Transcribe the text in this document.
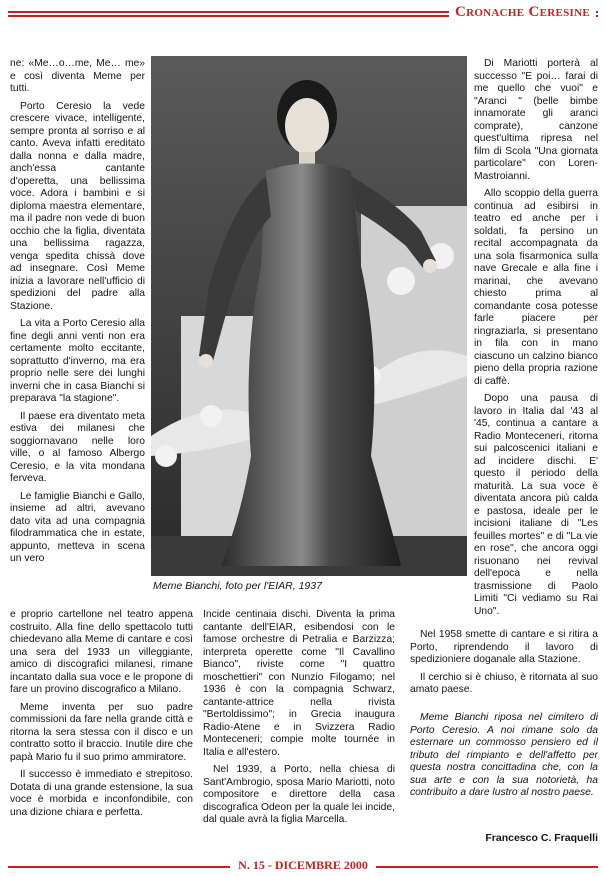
Cronache Ceresine

ne: «Me…o…me, Me… me» e così diventa Meme per tutti.

Porto Ceresio la vede crescere vivace, intelligente, sempre pronta al sorriso e al canto. Aveva infatti ereditato dalla nonna e dalla madre, anch'essa cantante d'operetta, una bellissima voce. Adora i bambini e si diploma maestra elementare, ma il padre non vede di buon occhio che la figlia, diventata una bellissima ragazza, venga spedita chissà dove ad insegnare. Così Meme inizia a lavorare nell'ufficio di spedizioni del padre alla Stazione.

La vita a Porto Ceresio alla fine degli anni venti non era certamente molto eccitante, soprattutto d'inverno, ma era proprio nelle sere dei lunghi inverni che in casa Bianchi si preparava "la stagione".

Il paese era diventato meta estiva dei milanesi che soggiornavano nelle loro ville, o al famoso Albergo Ceresio, e la vita mondana ferveva.

Le famiglie Bianchi e Gallo, insieme ad altri, avevano dato vita ad una compagnia filodrammatica che in estate, appunto, metteva in scena un vero

Meme Bianchi, foto per l'EIAR, 1937

Di Mariotti porterà al successo "E poi… farai di me quello che vuoi" e "Aranci " (belle bimbe innamorate gli aranci comprate), canzone quest'ultima ripresa nel film di Scola "Una giornata particolare" con Loren-Mastroianni.

Allo scoppio della guerra continua ad esibirsi in teatro ed anche per i soldati, fa persino un recital accompagnata da una sola fisarmonica sulla nave Grecale e alla fine i marinai, che avevano chiesto prima al comandante cosa potesse farle piacere per ringraziarla, si presentano in fila con in mano ciascuno un calzino bianco pieno della propria razione di caffè.

Dopo una pausa di lavoro in Italia dal '43 al '45, continua a cantare a Radio Monteceneri, ritorna sui palcoscenici italiani e ad incidere dischi. E' questo il periodo della maturità. La sua voce è diventata ancora più calda e pastosa, ideale per le incisioni italiane di "Les feuilles mortes" e di "La vie en rose", che ancora oggi risuonano nei revival dell'epoca e nella trasmissione di Paolo Limiti "Ci vediamo su Rai Uno".

e proprio cartellone nel teatro appena costruito. Alla fine dello spettacolo tutti chiedevano alla Meme di cantare e così una sera del 1933 un villeggiante, amico di discografici milanesi, rimane incantato dalla sua voce e le propone di fare un provino discografico a Milano.

Meme inventa per suo padre commissioni da fare nella grande città e ritorna la sera stessa con il disco e un contratto sotto il braccio. Inutile dire che papà Mario fu il suo primo ammiratore.

Il successo è immediato e strepitoso. Dotata di una grande estensione, la sua voce è morbida e inconfondibile, con una dizione chiara e perfetta.

Incide centinaia dischi. Diventa la prima cantante dell'EIAR, esibendosi con le famose orchestre di Petralia e Barzizza; interpreta operette come "Il Cavallino Bianco", riviste come "I quattro moschettieri" con Nunzio Filogamo; nel 1936 è con la compagnia Schwarz, cantante-attrice nella rivista "Bertoldissimo"; in Grecia inaugura Radio-Atene e in Svizzera Radio Monteceneri; compie molte tournée in Italia e all'estero.

Nel 1939, a Porto, nella chiesa di Sant'Ambrogio, sposa Mario Mariotti, noto compositore e direttore della casa discografica Odeon per la quale lei incide, dal quale avrà la figlia Marcella.

Nel 1958 smette di cantare e si ritira a Porto, riprendendo il lavoro di spedizioniere doganale alla Stazione.

Il cerchio si è chiuso, è ritornata al suo amato paese.

Meme Bianchi riposa nel cimitero di Porto Ceresio. A noi rimane solo da esternare un commosso pensiero ed il tributo del rimpianto e dell'affetto per questa nostra concittadina che, con la sua arte e con la sua notorietà, ha contribuito a dare lustro al nostro paese.

Francesco C. Fraquelli
N. 15 - DICEMBRE 2000
